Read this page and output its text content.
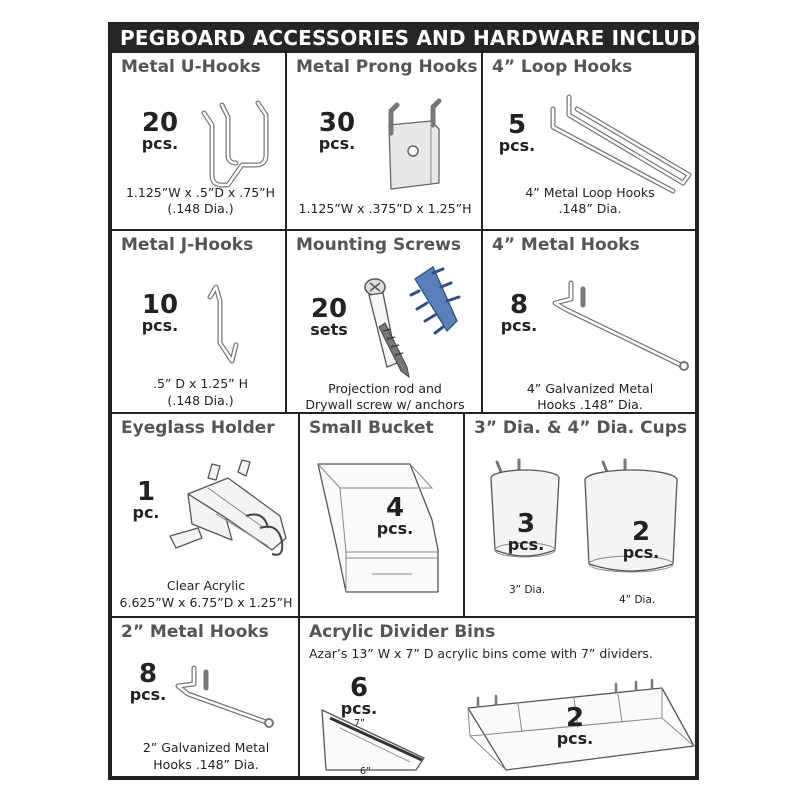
PEGBOARD ACCESSORIES AND HARDWARE INCLUDED
Metal U-Hooks
20
pcs.
1.125”W x .5”D x .75”H
(.148 Dia.)
Metal Prong Hooks
30
pcs.
1.125”W x .375”D x 1.25”H
4” Loop Hooks
5
pcs.
4” Metal Loop Hooks
.148” Dia.
Metal J-Hooks
10
pcs.
.5” D x 1.25” H
(.148 Dia.)
Mounting Screws
20
sets
Projection rod and
Drywall screw w/ anchors
4” Metal Hooks
8
pcs.
4” Galvanized Metal
Hooks .148” Dia.
Eyeglass Holder
1
pc.
Clear Acrylic
6.625”W x 6.75”D x 1.25”H
Small Bucket
4
pcs.
3” Dia. & 4” Dia. Cups
3
pcs.	2
pcs.
3” Dia.
4” Dia.
2” Metal Hooks
8
pcs.
2” Galvanized Metal
Hooks .148” Dia.
Acrylic Divider Bins
Azar’s 13” W x 7” D acrylic bins come with 7” dividers.
6
pcs.
7”
6”
2
pcs.
